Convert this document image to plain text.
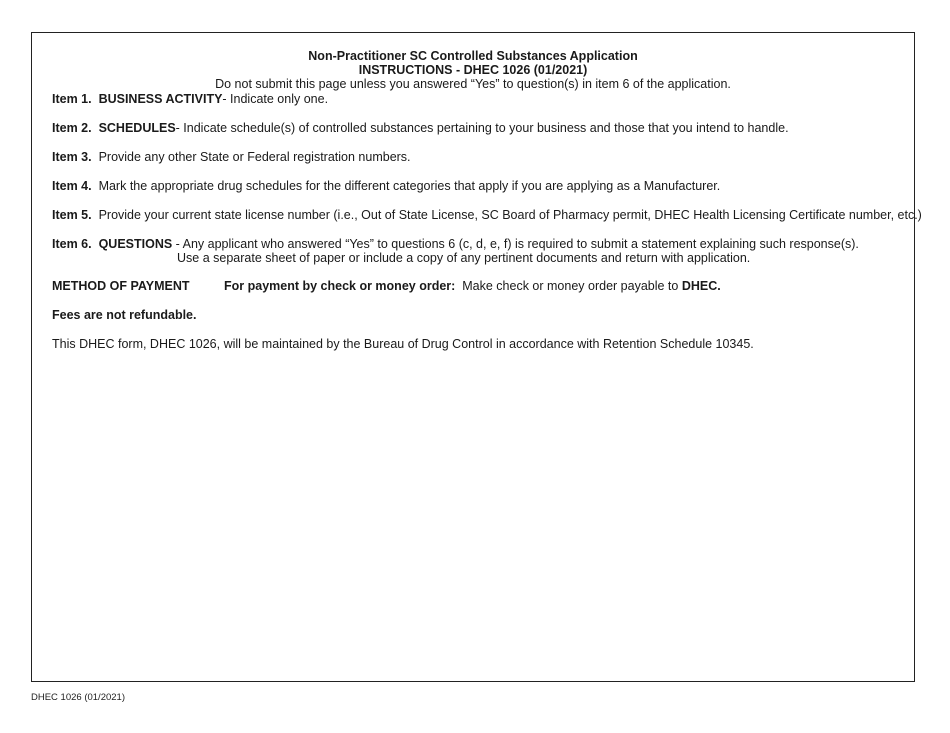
Non-Practitioner SC Controlled Substances Application
INSTRUCTIONS - DHEC 1026 (01/2021)
Do not submit this page unless you answered “Yes” to question(s) in item 6 of the application.
Item 1. BUSINESS ACTIVITY- Indicate only one.
Item 2. SCHEDULES- Indicate schedule(s) of controlled substances pertaining to your business and those that you intend to handle.
Item 3. Provide any other State or Federal registration numbers.
Item 4. Mark the appropriate drug schedules for the different categories that apply if you are applying as a Manufacturer.
Item 5. Provide your current state license number (i.e., Out of State License, SC Board of Pharmacy permit, DHEC Health Licensing Certificate number, etc.)
Item 6. QUESTIONS - Any applicant who answered “Yes” to questions 6 (c, d, e, f) is required to submit a statement explaining such response(s).
Use a separate sheet of paper or include a copy of any pertinent documents and return with application.
METHOD OF PAYMENT	For payment by check or money order: Make check or money order payable to DHEC.
Fees are not refundable.
This DHEC form, DHEC 1026, will be maintained by the Bureau of Drug Control in accordance with Retention Schedule 10345.
DHEC 1026 (01/2021)
